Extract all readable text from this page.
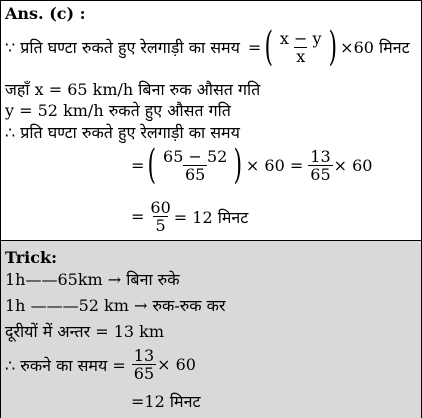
Ans. (c) :
∵ प्रति घण्टा रुकते हुए रेलगाड़ी का समय = ( $\frac{x - y}{x}$ ) ×60 मिनट
जहाँ x = 65 km/h बिना रुक औसत गति
y = 52 km/h रुकते हुए औसत गति
∴ प्रति घण्टा रुकते हुए रेलगाड़ी का समय
= ( $\frac{65 - 52}{65}$ ) × $60 = \frac{13}{65} \times 60$
= $\frac{60}{5} = 12$ मिनट
Trick:
1h——65km → बिना रुके
1h ———52 km → रुक-रुक कर
दूरीयों में अन्तर = 13 km
∴ रुकने का समय = $\frac{13}{65} \times 60$
=12 मिनट
